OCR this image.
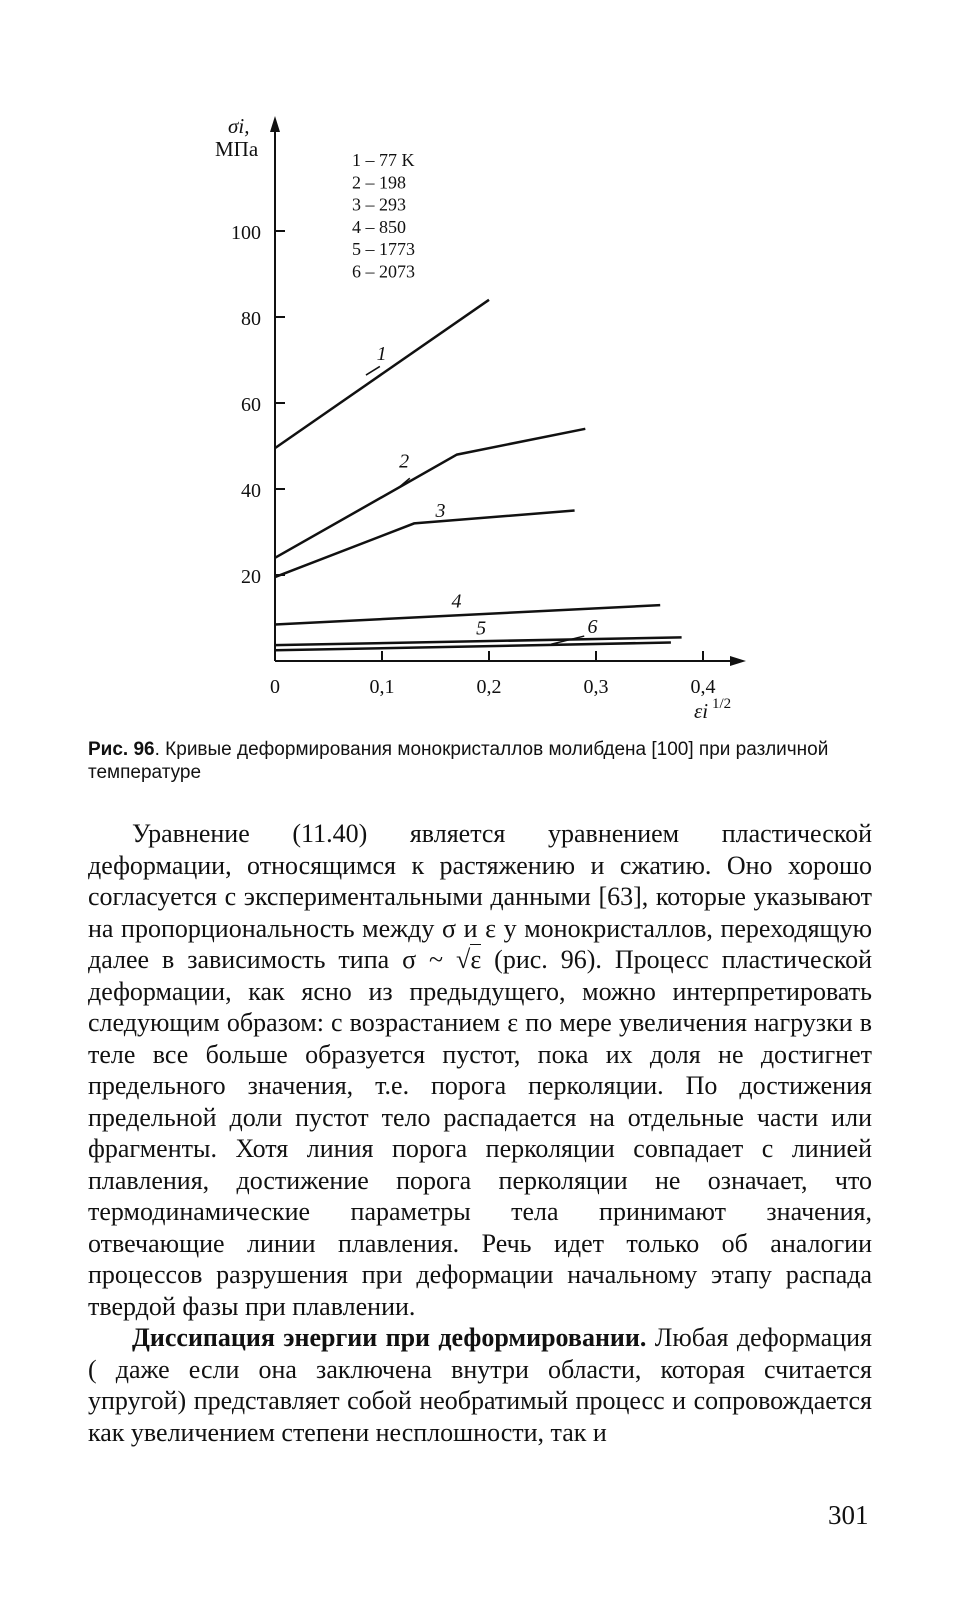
σi,
МПа
εi 1/2
20
40
60
80
100
0	0,1	0,2	0,3	0,4
1 – 77 K
2 – 198
3 – 293
4 – 850
5 – 1773
6 – 2073
1
2
3
4
5	6
Рис. 96. Кривые деформирования монокристаллов молибдена [100] при различной температуре

Уравнение (11.40) является уравнением пластической деформации, относящимся к растяжению и сжатию. Оно хорошо согласуется с экспериментальными данными [63], которые указывают на пропорциональность между σ и ε у монокристаллов, переходящую далее в зависимость типа σ ~ √ε (рис. 96). Процесс пластической деформации, как ясно из предыдущего, можно интерпретировать следующим образом: с возрастанием ε по мере увеличения нагрузки в теле все больше образуется пустот, пока их доля не достигнет предельного значения, т.е. порога перколяции. По достижения предельной доли пустот тело распадается на отдельные части или фрагменты. Хотя линия порога перколяции совпадает с линией плавления, достижение порога перколяции не означает, что термодинамические параметры тела принимают значения, отвечающие линии плавления. Речь идет только об аналогии процессов разрушения при деформации начальному этапу распада твердой фазы при плавлении.

Диссипация энергии при деформировании. Любая деформация ( даже если она заключена внутри области, которая считается упругой) представляет собой необратимый процесс и сопровождается как увеличением степени несплошности, так и

301
